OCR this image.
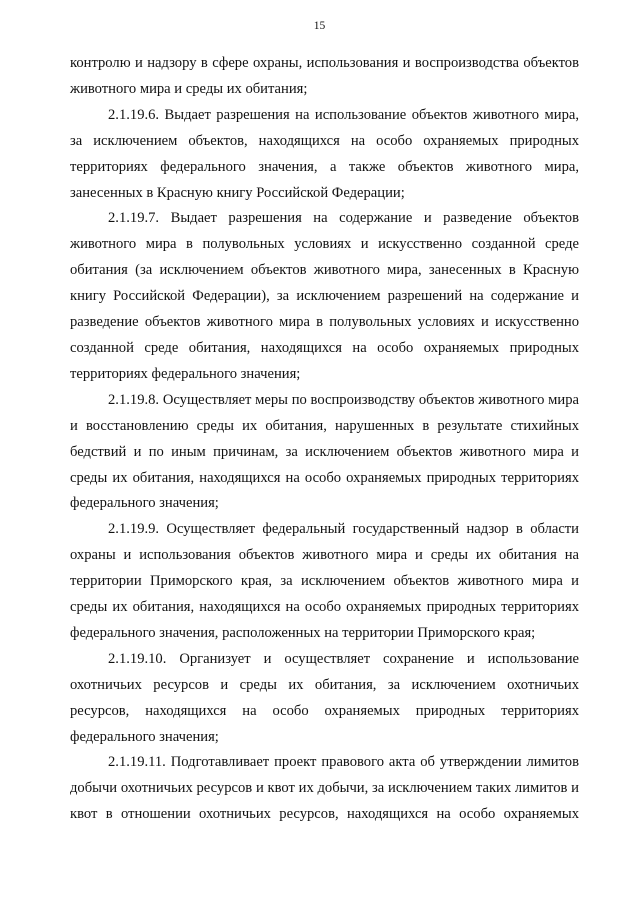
15

контролю и надзору в сфере охраны, использования и воспроизводства объектов животного мира и среды их обитания;

2.1.19.6. Выдает разрешения на использование объектов животного мира, за исключением объектов, находящихся на особо охраняемых природных территориях федерального значения, а также объектов животного мира, занесенных в Красную книгу Российской Федерации;

2.1.19.7. Выдает разрешения на содержание и разведение объектов животного мира в полувольных условиях и искусственно созданной среде обитания (за исключением объектов животного мира, занесенных в Красную книгу Российской Федерации), за исключением разрешений на содержание и разведение объектов животного мира в полувольных условиях и искусственно созданной среде обитания, находящихся на особо охраняемых природных территориях федерального значения;

2.1.19.8. Осуществляет меры по воспроизводству объектов животного мира и восстановлению среды их обитания, нарушенных в результате стихийных бедствий и по иным причинам, за исключением объектов животного мира и среды их обитания, находящихся на особо охраняемых природных территориях федерального значения;

2.1.19.9. Осуществляет федеральный государственный надзор в области охраны и использования объектов животного мира и среды их обитания на территории Приморского края, за исключением объектов животного мира и среды их обитания, находящихся на особо охраняемых природных территориях федерального значения, расположенных на территории Приморского края;

2.1.19.10. Организует и осуществляет сохранение и использование охотничьих ресурсов и среды их обитания, за исключением охотничьих ресурсов, находящихся на особо охраняемых природных территориях федерального значения;

2.1.19.11. Подготавливает проект правового акта об утверждении лимитов добычи охотничьих ресурсов и квот их добычи, за исключением таких лимитов и квот в отношении охотничьих ресурсов, находящихся на особо охраняемых
